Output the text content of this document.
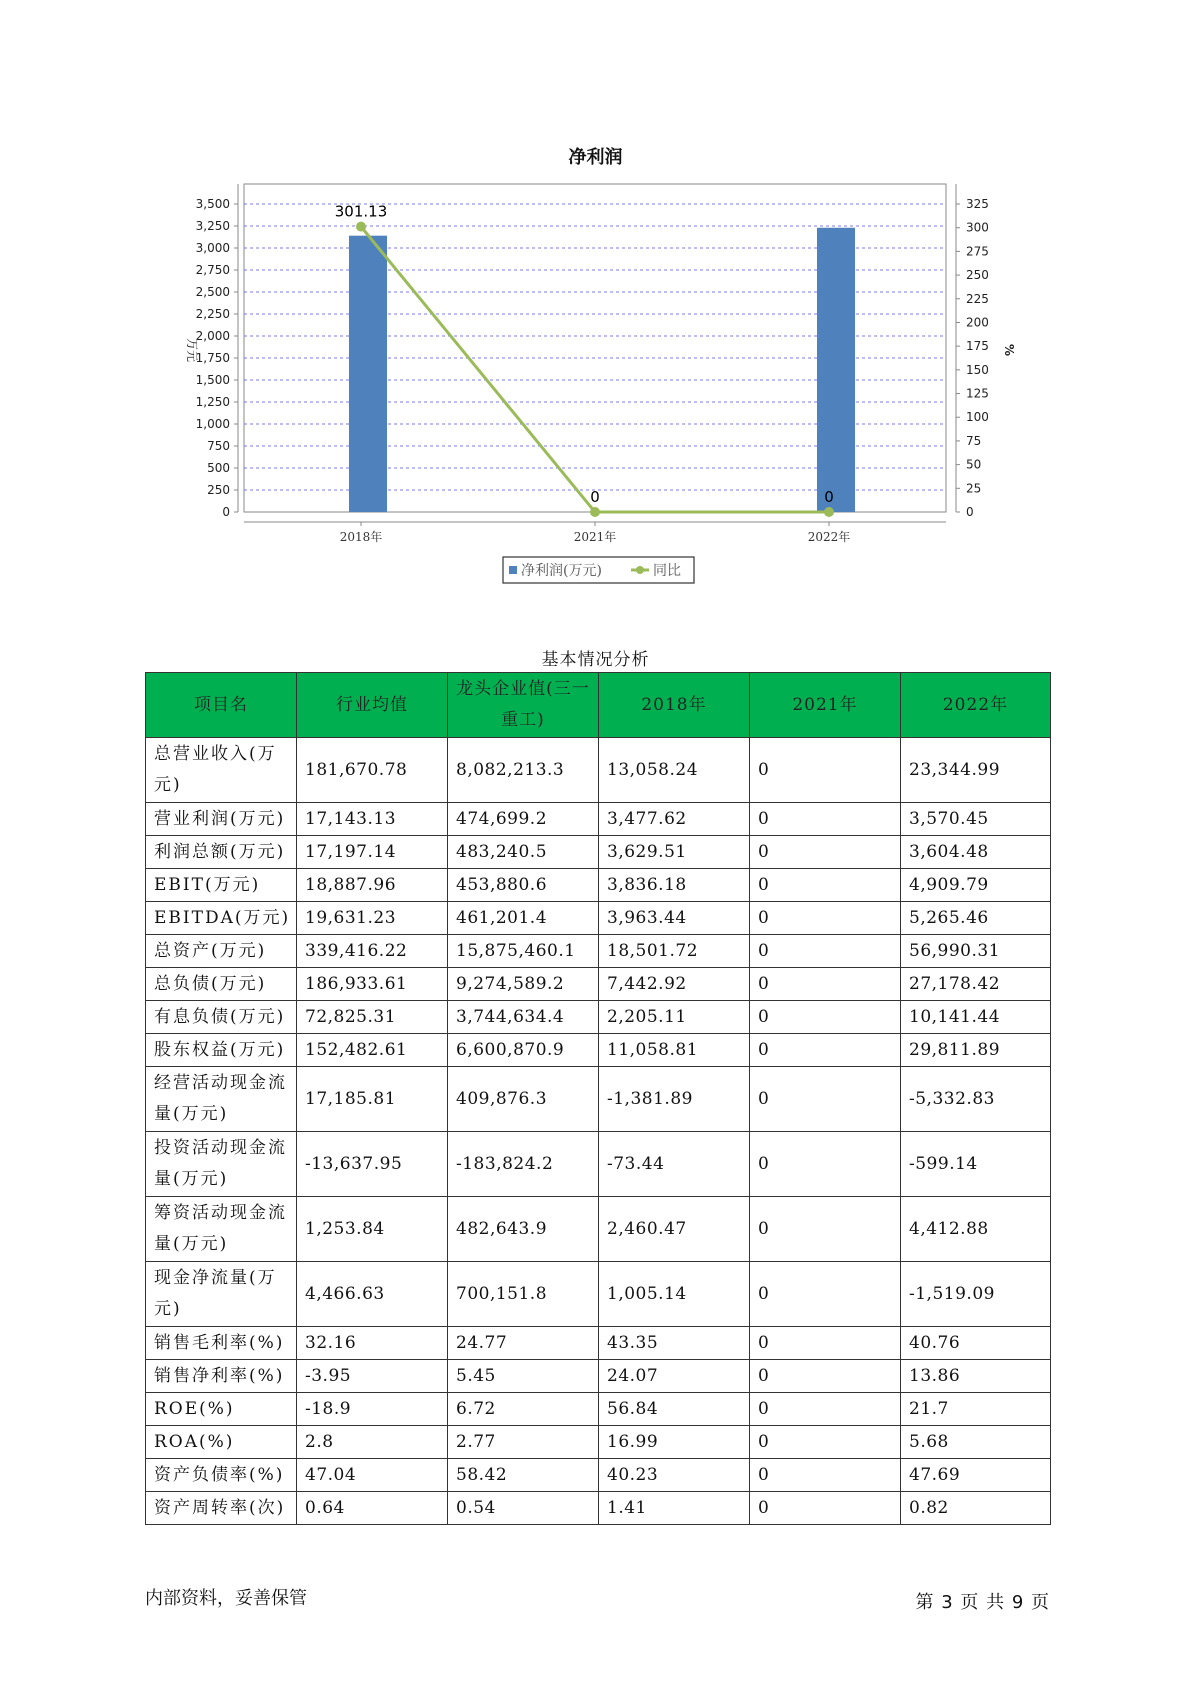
净利润
0
250
500
750
1,000
1,250
1,500
1,750
2,000
2,250
2,500
2,750
3,000
3,250
3,500
0
25
50
75
100
125
150
175
200
225
250
275
300
325
万元	%
2018年	2021年	2022年
301.13
0	0
净利润(万元)	同比
基本情况分析
项目名	行业均值	龙头企业值(三一重工)	2018年	2021年	2022年
总营业收入(万元)	181,670.78	8,082,213.3	13,058.24	0	23,344.99
营业利润(万元)	17,143.13	474,699.2	3,477.62	0	3,570.45
利润总额(万元)	17,197.14	483,240.5	3,629.51	0	3,604.48
EBIT(万元)	18,887.96	453,880.6	3,836.18	0	4,909.79
EBITDA(万元)	19,631.23	461,201.4	3,963.44	0	5,265.46
总资产(万元)	339,416.22	15,875,460.1	18,501.72	0	56,990.31
总负债(万元)	186,933.61	9,274,589.2	7,442.92	0	27,178.42
有息负债(万元)	72,825.31	3,744,634.4	2,205.11	0	10,141.44
股东权益(万元)	152,482.61	6,600,870.9	11,058.81	0	29,811.89
经营活动现金流量(万元)	17,185.81	409,876.3	-1,381.89	0	-5,332.83
投资活动现金流量(万元)	-13,637.95	-183,824.2	-73.44	0	-599.14
筹资活动现金流量(万元)	1,253.84	482,643.9	2,460.47	0	4,412.88
现金净流量(万元)	4,466.63	700,151.8	1,005.14	0	-1,519.09
销售毛利率(%)	32.16	24.77	43.35	0	40.76
销售净利率(%)	-3.95	5.45	24.07	0	13.86
ROE(%)	-18.9	6.72	56.84	0	21.7
ROA(%)	2.8	2.77	16.99	0	5.68
资产负债率(%)	47.04	58.42	40.23	0	47.69
资产周转率(次)	0.64	0.54	1.41	0	0.82
内部资料，妥善保管	第 3 页 共 9 页
